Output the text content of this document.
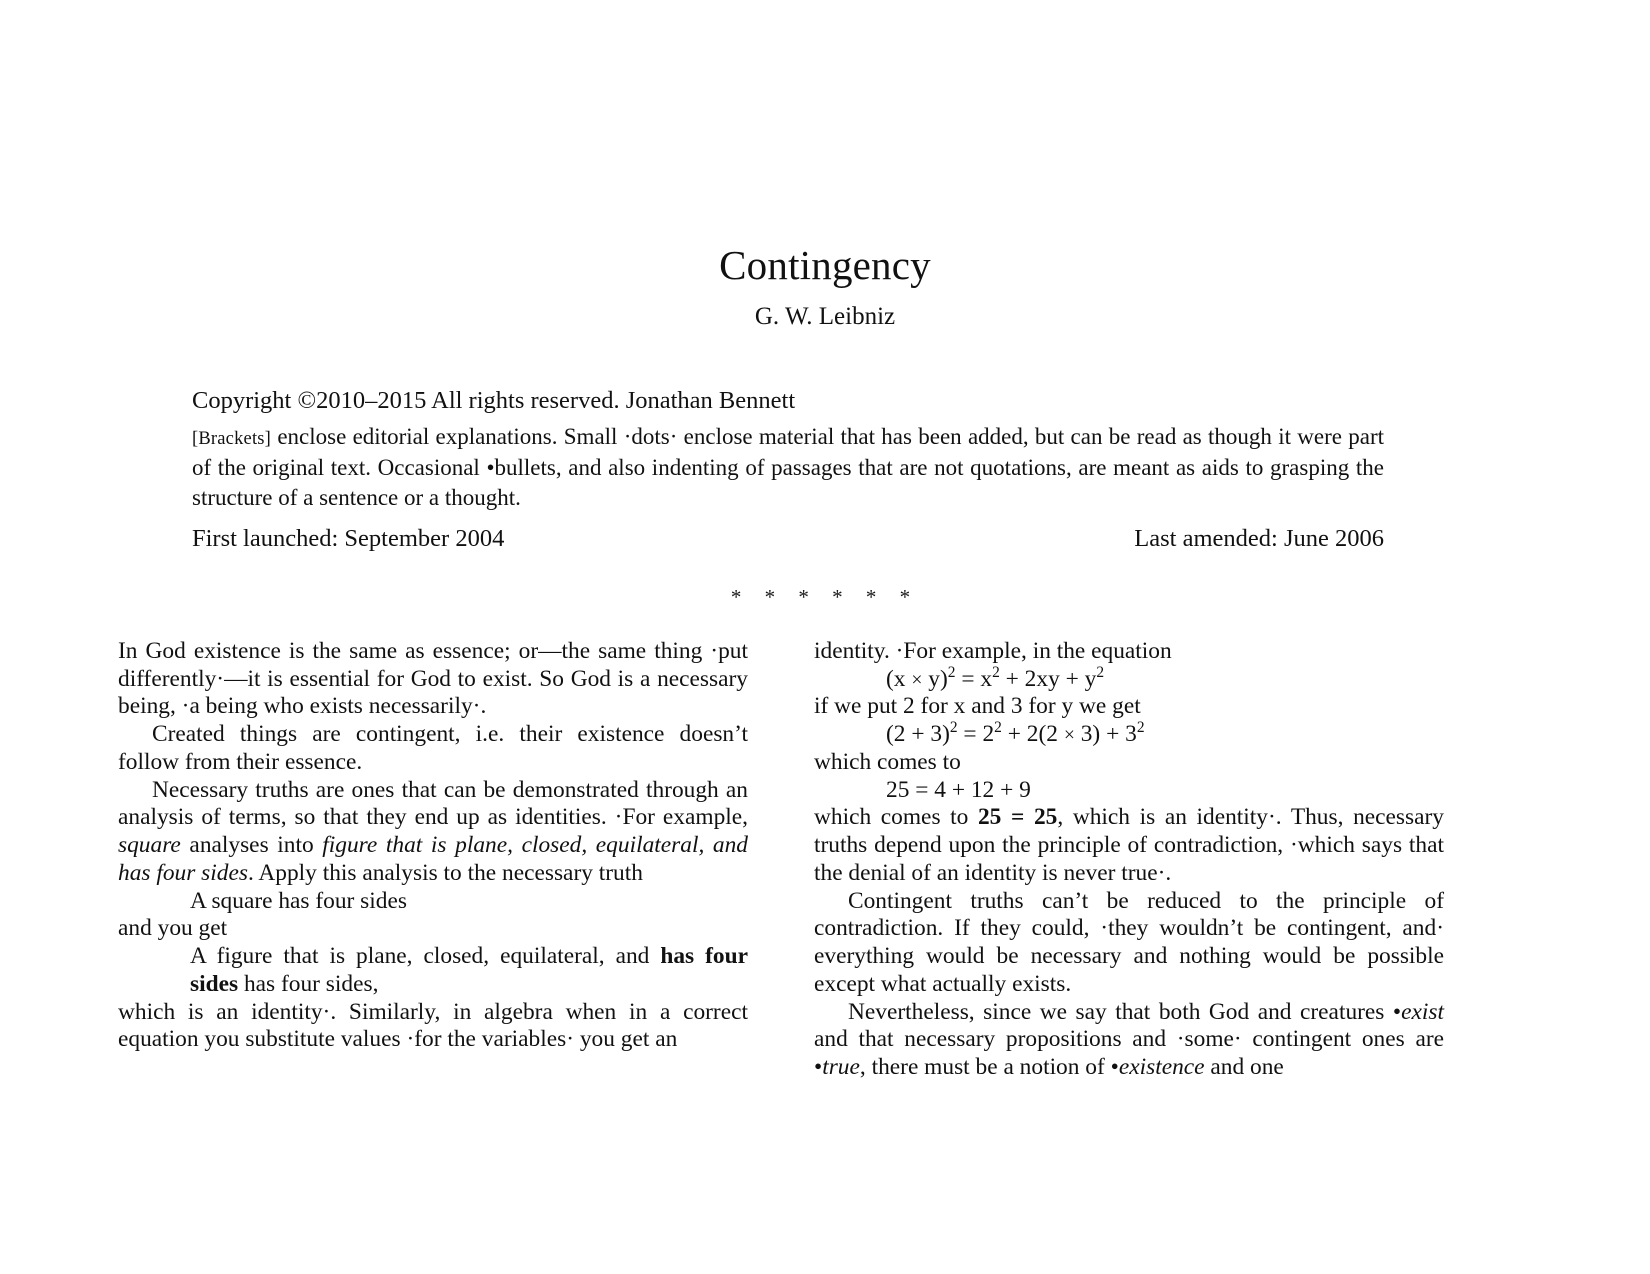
Contingency
G. W. Leibniz

Copyright ©2010–2015 All rights reserved. Jonathan Bennett

[Brackets] enclose editorial explanations. Small ·dots· enclose material that has been added, but can be read as though it were part of the original text. Occasional •bullets, and also indenting of passages that are not quotations, are meant as aids to grasping the structure of a sentence or a thought.

First launched: September 2004	Last amended: June 2006
* * * * * *

In God existence is the same as essence; or—the same thing ·put differently·—it is essential for God to exist. So God is a necessary being, ·a being who exists necessarily·.

Created things are contingent, i.e. their existence doesn’t follow from their essence.

Necessary truths are ones that can be demonstrated through an analysis of terms, so that they end up as identities. ·For example, square analyses into figure that is plane, closed, equilateral, and has four sides. Apply this analysis to the necessary truth

A square has four sides

and you get

A figure that is plane, closed, equilateral, and has four sides has four sides,

which is an identity·. Similarly, in algebra when in a correct equation you substitute values ·for the variables· you get an

identity. ·For example, in the equation

$(x \times y)^2 = x^2 + 2xy + y^2$

if we put 2 for x and 3 for y we get

$(2 + 3)^2 = 2^2 + 2(2 \times 3) + 3^2$

which comes to

25 = 4 + 12 + 9

which comes to 25 = 25, which is an identity·. Thus, necessary truths depend upon the principle of contradiction, ·which says that the denial of an identity is never true·.

Contingent truths can’t be reduced to the principle of contradiction. If they could, ·they wouldn’t be contingent, and· everything would be necessary and nothing would be possible except what actually exists.

Nevertheless, since we say that both God and creatures •exist and that necessary propositions and ·some· contingent ones are •true, there must be a notion of •existence and one
